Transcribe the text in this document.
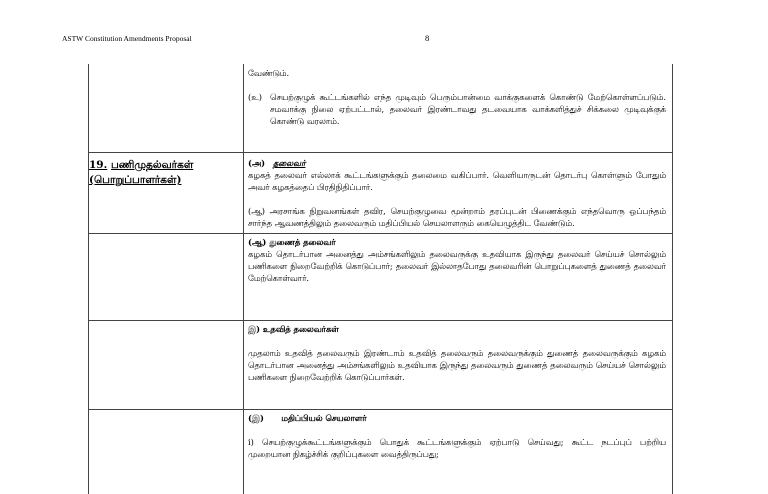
ASTW Constitution Amendments Proposal	8

வேண்டும்.

(உ) செயற்குழுக் கூட்டங்களில் எந்த முடிவும் பெரும்பான்மை வாக்குகளைக் கொண்டு மேற்கொள்ளப்படும். சமவாக்கு நிலை ஏற்பட்டால், தலைவர் இரண்டாவது தடவையாக வாக்களித்துச் சிக்கலை முடிவுக்குக் கொண்டு வரலாம்.
19. பணிமுதல்வர்கள்
(பொறுப்பாளர்கள்)

(அ) தலைவர்

கழகத் தலைவர் எல்லாக் கூட்டங்களுக்கும் தலைமை வகிப்பார். வெளியாருடன் தொடர்பு கொள்ளும் போதும் அவர் கழகத்தைப் பிரதிநிதிப்பார்.

(ஆ) அரசாங்க நிறுவனங்கள் தவிர, செயற்குழுவை மூன்றாம் தரப்புடன் பிணைக்கும் எந்தவொரு ஒப்பந்தம் சார்ந்த ஆவணத்திலும் தலைவரும் மதிப்பியல் செயலாளரும் கையெழுத்திட வேண்டும்.

(ஆ) துணைத் தலைவர்

கழகம் தொடர்பான அனைத்து அம்சங்களிலும் தலைவருக்கு உதவியாக இருந்து தலைவர் செய்யச் சொல்லும் பணிகளை நிறைவேற்றிக் கொடுப்பார்; தலைவர் இல்லாதபோது தலைவரின் பொறுப்புகளைத் துணைத் தலைவர் மேற்கொள்வார்.

இ) உதவித் தலைவர்கள்

முதலாம் உதவித் தலைவரும் இரண்டாம் உதவித் தலைவரும் தலைவருக்கும் துணைத் தலைவருக்கும் கழகம் தொடர்பான அனைத்து அம்சங்களிலும் உதவியாக இருந்து தலைவரும் துணைத் தலைவரும் செய்யச் சொல்லும் பணிகளை நிறைவேற்றிக் கொடுப்பார்கள்.

(இ) மதிப்பியல் செயலாளர்

i) செயற்குழுக்கூட்டங்களுக்கும் பொதுக் கூட்டங்களுக்கும் ஏற்பாடு செய்வது; கூட்ட நடப்புப் பற்றிய முறையான நிகழ்ச்சிக் குறிப்புகளை வைத்திருப்பது;
